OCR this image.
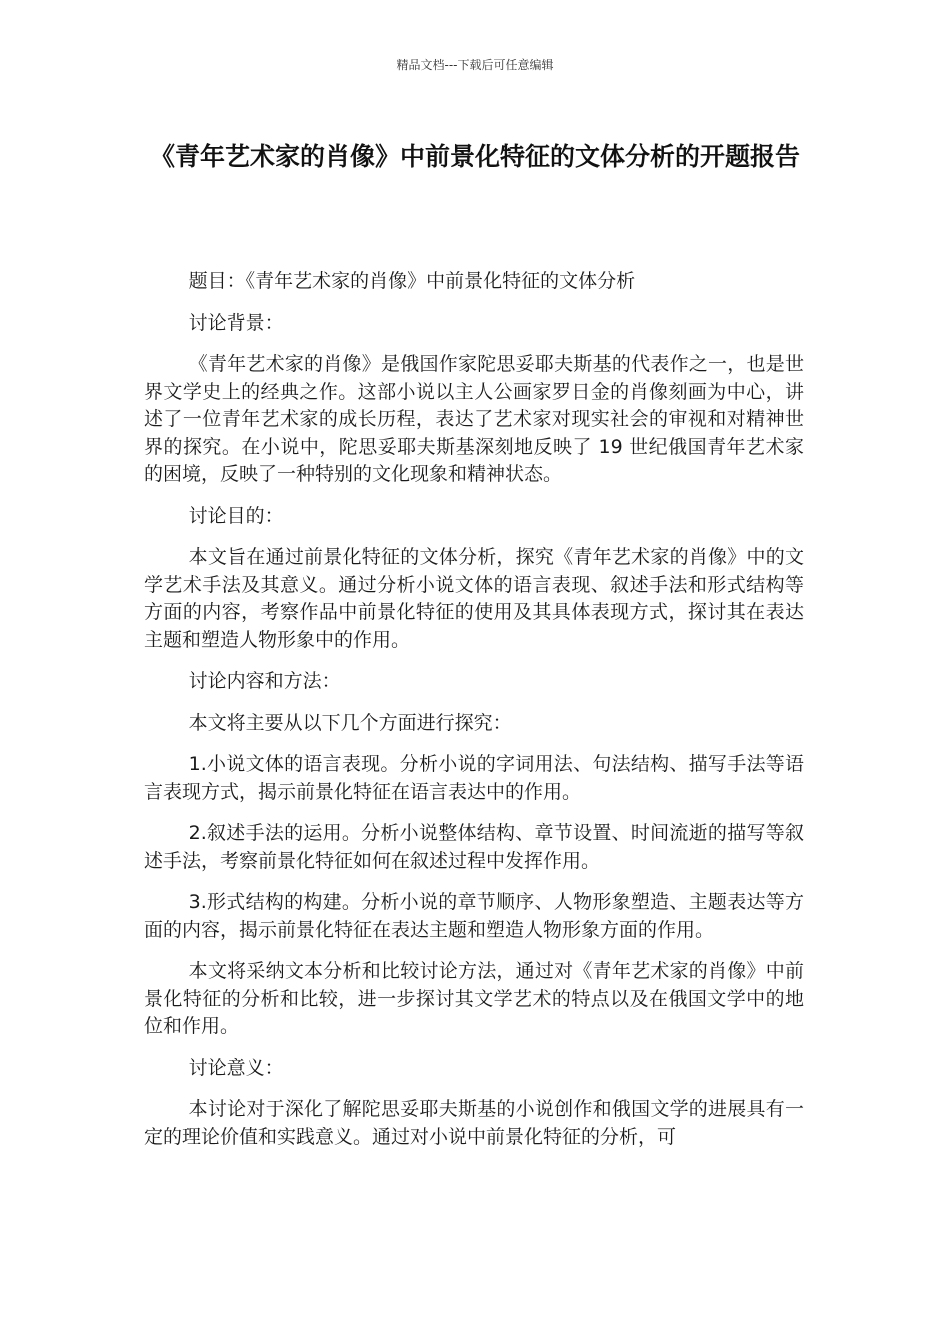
精品文档---下载后可任意编辑
《青年艺术家的肖像》中前景化特征的文体分析的开题报告

题目：《青年艺术家的肖像》中前景化特征的文体分析

讨论背景：

《青年艺术家的肖像》是俄国作家陀思妥耶夫斯基的代表作之一，也是世界文学史上的经典之作。这部小说以主人公画家罗日金的肖像刻画为中心，讲述了一位青年艺术家的成长历程，表达了艺术家对现实社会的审视和对精神世界的探究。在小说中，陀思妥耶夫斯基深刻地反映了 19 世纪俄国青年艺术家的困境，反映了一种特别的文化现象和精神状态。

讨论目的：

本文旨在通过前景化特征的文体分析，探究《青年艺术家的肖像》中的文学艺术手法及其意义。通过分析小说文体的语言表现、叙述手法和形式结构等方面的内容，考察作品中前景化特征的使用及其具体表现方式，探讨其在表达主题和塑造人物形象中的作用。

讨论内容和方法：

本文将主要从以下几个方面进行探究：

1.小说文体的语言表现。分析小说的字词用法、句法结构、描写手法等语言表现方式，揭示前景化特征在语言表达中的作用。

2.叙述手法的运用。分析小说整体结构、章节设置、时间流逝的描写等叙述手法，考察前景化特征如何在叙述过程中发挥作用。

3.形式结构的构建。分析小说的章节顺序、人物形象塑造、主题表达等方面的内容，揭示前景化特征在表达主题和塑造人物形象方面的作用。

本文将采纳文本分析和比较讨论方法，通过对《青年艺术家的肖像》中前景化特征的分析和比较，进一步探讨其文学艺术的特点以及在俄国文学中的地位和作用。

讨论意义：

本讨论对于深化了解陀思妥耶夫斯基的小说创作和俄国文学的进展具有一定的理论价值和实践意义。通过对小说中前景化特征的分析，可
